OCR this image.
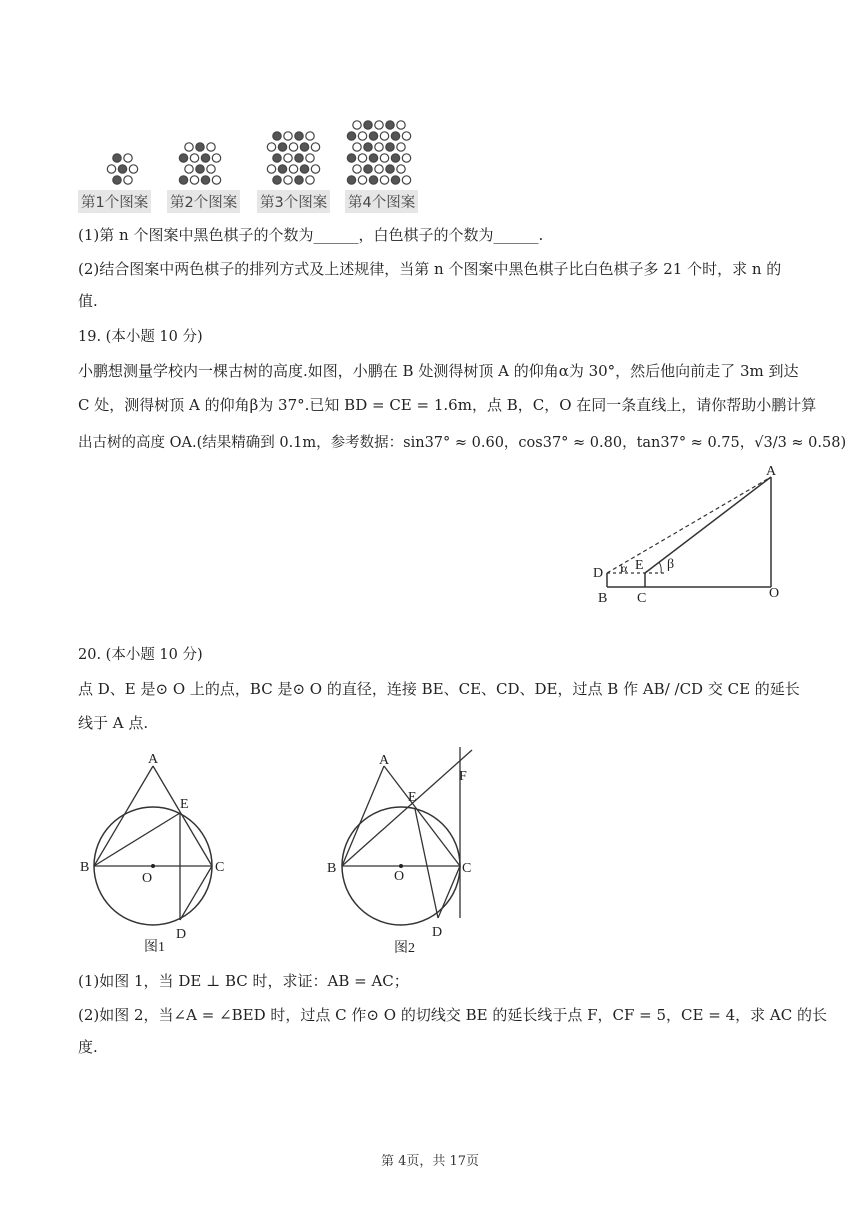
第1个图案 第2个图案 第3个图案 第4个图案
(1)第 n 个图案中黑色棋子的个数为______，白色棋子的个数为______.
(2)结合图案中两色棋子的排列方式及上述规律，当第 n 个图案中黑色棋子比白色棋子多 21 个时，求 n 的
值.
19. (本小题 10 分)
小鹏想测量学校内一棵古树的高度.如图，小鹏在 B 处测得树顶 A 的仰角α为 30°，然后他向前走了 3m 到达
C 处，测得树顶 A 的仰角β为 37°.已知 BD = CE = 1.6m，点 B，C，O 在同一条直线上，请你帮助小鹏计算
出古树的高度 OA.(结果精确到 0.1m，参考数据：sin37° ≈ 0.60，cos37° ≈ 0.80，tan37° ≈ 0.75，√3/3 ≈ 0.58)
A
D α E β
B C	O
20. (本小题 10 分)
点 D、E 是⊙ O 上的点，BC 是⊙ O 的直径，连接 BE、CE、CD、DE，过点 B 作 AB/ /CD 交 CE 的延长
线于 A 点.
A
E
B
O
C
D
图1
A
E
F
B
O
C
D
图2
(1)如图 1，当 DE ⊥ BC 时，求证：AB = AC；
(2)如图 2，当∠A = ∠BED 时，过点 C 作⊙ O 的切线交 BE 的延长线于点 F，CF = 5，CE = 4，求 AC 的长
度.
第 4页，共 17页
